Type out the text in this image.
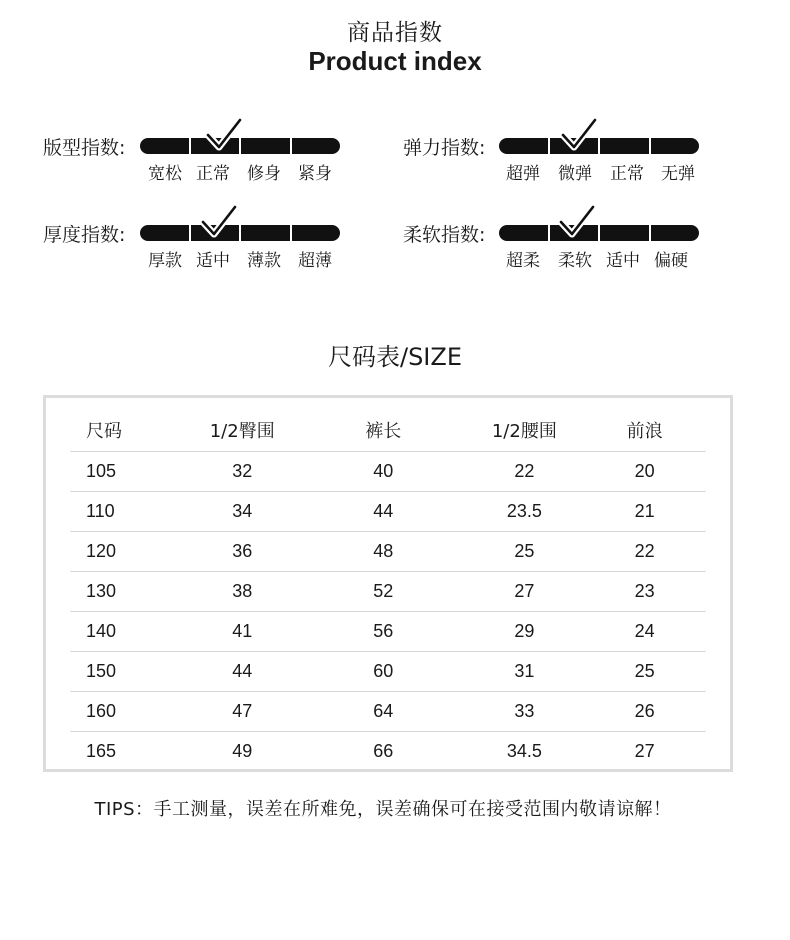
商品指数
Product index
版型指数:
宽松 正常	修身	紧身
弹力指数:
超弹	微弹	正常	无弹
厚度指数:
厚款 适中	薄款	超薄
柔软指数:
超柔	柔软 适中 偏硬
尺码表/SIZE
尺码	1/2臀围	裤长	1/2腰围	前浪
105	32	40	22	20
110	34	44	23.5	21
120	36	48	25	22
130	38	52	27	23
140	41	56	29	24
150	44	60	31	25
160	47	64	33	26
165	49	66	34.5	27
TIPS：手工测量，误差在所难免，误差确保可在接受范围内敬请谅解！
